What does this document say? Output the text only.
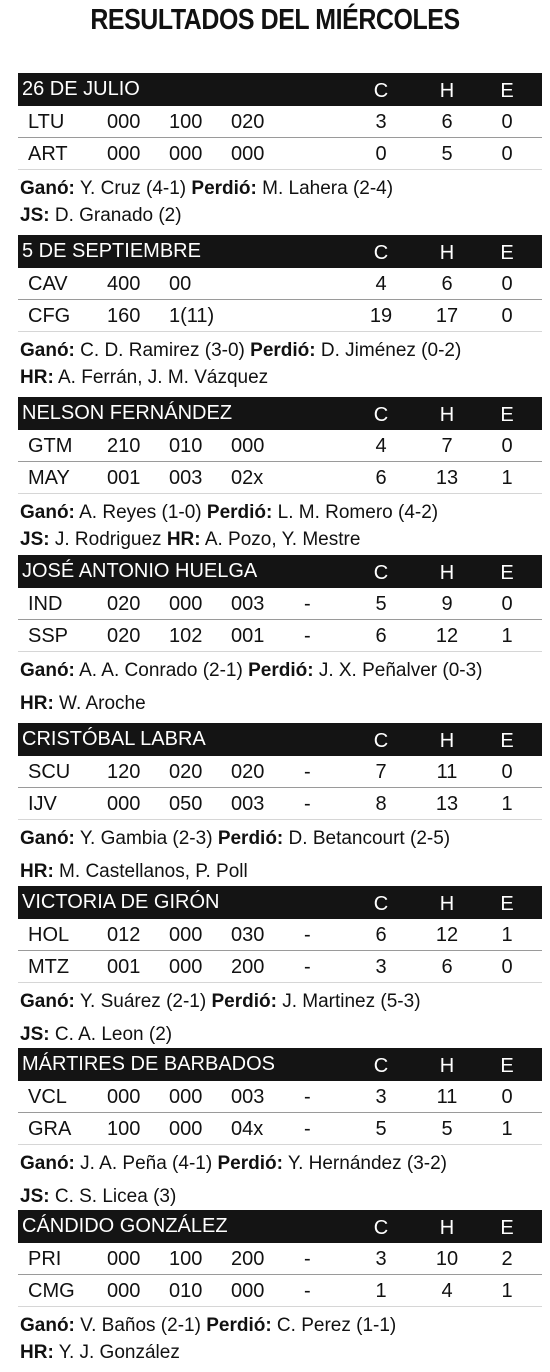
RESULTADOS DEL MIÉRCOLES
26 DE JULIO	C	H	E
LTU 000 100 020	3	6	0
ART 000 000 000	0	5	0
Ganó: Y. Cruz (4-1) Perdió: M. Lahera (2-4)
JS: D. Granado (2)
5 DE SEPTIEMBRE	C	H	E
CAV 400 00	4	6	0
CFG 160 1(11)	19	17	0
Ganó: C. D. Ramirez (3-0) Perdió: D. Jiménez (0-2)
HR: A. Ferrán, J. M. Vázquez
NELSON FERNÁNDEZ	C	H	E
GTM 210 010 000	4	7	0
MAY 001 003 02x	6	13	1
Ganó: A. Reyes (1-0) Perdió: L. M. Romero (4-2)
JS: J. Rodriguez HR: A. Pozo, Y. Mestre
JOSÉ ANTONIO HUELGA	C	H	E
IND 020 000 003 -	5	9	0
SSP 020 102 001 -	6	12	1
Ganó: A. A. Conrado (2-1) Perdió: J. X. Peñalver (0-3)
HR: W. Aroche
CRISTÓBAL LABRA	C	H	E
SCU 120 020 020 -	7	11	0
IJV	000 050 003 -	8	13	1
Ganó: Y. Gambia (2-3) Perdió: D. Betancourt (2-5)
HR: M. Castellanos, P. Poll
VICTORIA DE GIRÓN	C	H	E
HOL 012 000 030 -	6	12	1
MTZ 001 000 200 -	3	6	0
Ganó: Y. Suárez (2-1) Perdió: J. Martinez (5-3)
JS: C. A. Leon (2)
MÁRTIRES DE BARBADOS	C	H	E
VCL 000 000 003 -	3	11	0
GRA 100 000 04x -	5	5	1
Ganó: J. A. Peña (4-1) Perdió: Y. Hernández (3-2)
JS: C. S. Licea (3)
CÁNDIDO GONZÁLEZ	C	H	E
PRI 000 100 200 -	3	10	2
CMG 000 010 000 -	1	4	1
Ganó: V. Baños (2-1) Perdió: C. Perez (1-1)
HR: Y. J. González
